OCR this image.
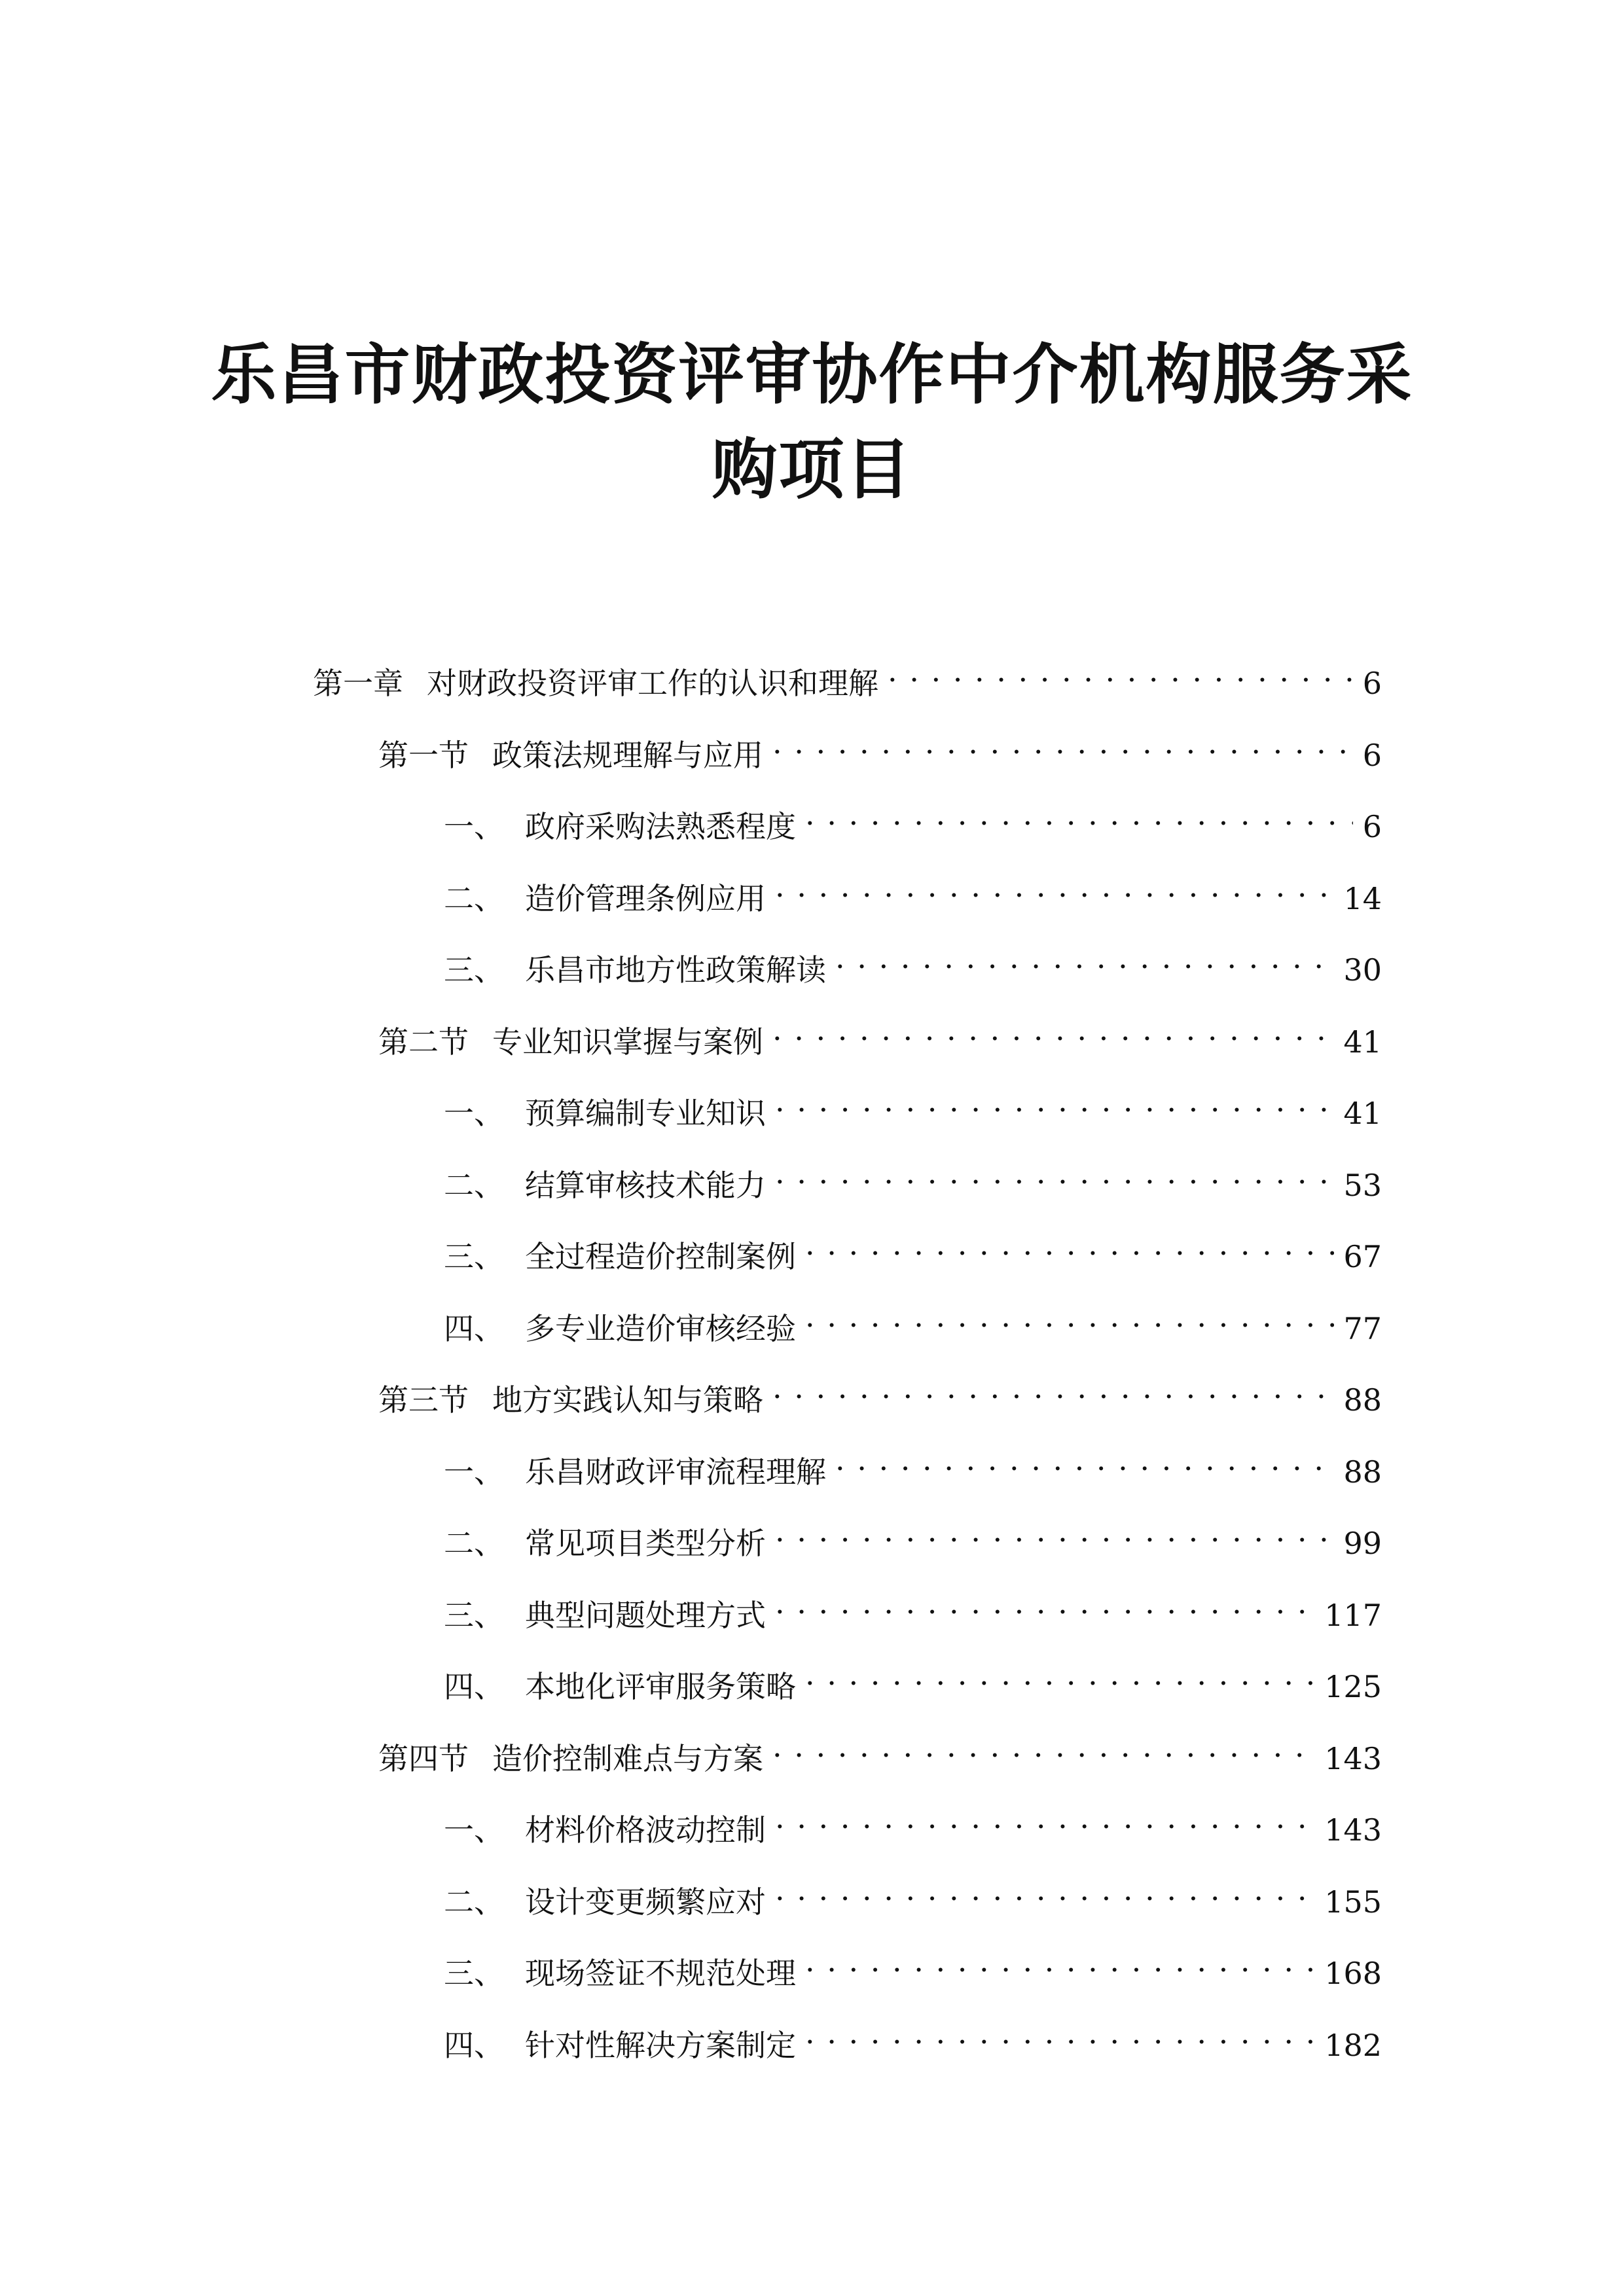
乐昌市财政投资评审协作中介机构服务采
购项目
第一章 对财政投资评审工作的认识和理解 . . .	6
第一节 政策法规理解与应用 . . .	6
一、 政府采购法熟悉程度 . . .	6
二、 造价管理条例应用 . . .	14
三、 乐昌市地方性政策解读 . . .	30
第二节 专业知识掌握与案例 . . .	41
一、 预算编制专业知识 . . .	41
二、 结算审核技术能力 . . .	53
三、 全过程造价控制案例 . . .	67
四、 多专业造价审核经验 . . .	77
第三节 地方实践认知与策略 . . .	88
一、 乐昌财政评审流程理解 . . .	88
二、 常见项目类型分析 . . .	99
三、 典型问题处理方式 . . .	117
四、 本地化评审服务策略 . . .	125
第四节 造价控制难点与方案 . . .	143
一、 材料价格波动控制 . . .	143
二、 设计变更频繁应对 . . .	155
三、 现场签证不规范处理 . . .	168
四、 针对性解决方案制定 . . .	182
